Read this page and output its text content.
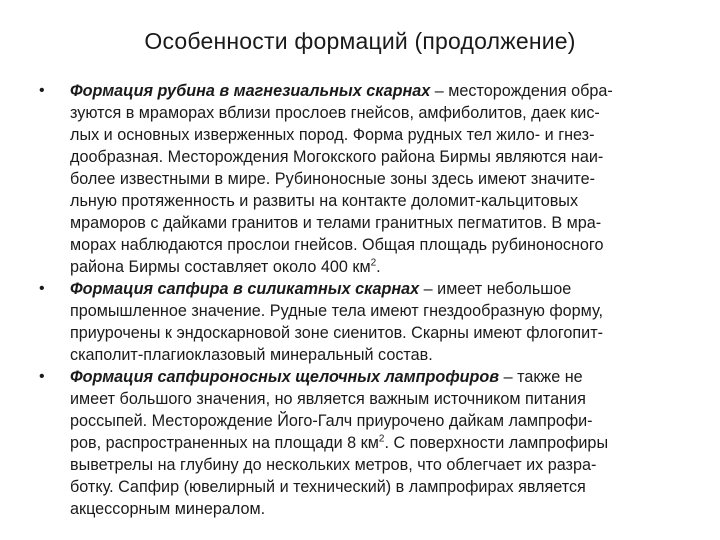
Особенности формаций (продолжение)
• Формация рубина в магнезиальных скарнах – месторождения обра-
зуются в мраморах вблизи прослоев гнейсов, амфиболитов, даек кис-
лых и основных изверженных пород. Форма рудных тел жило- и гнез-
дообразная. Месторождения Могокского района Бирмы являются наи-
более известными в мире. Рубиноносные зоны здесь имеют значите-
льную протяженность и развиты на контакте доломит-кальцитовых
мраморов с дайками гранитов и телами гранитных пегматитов. В мра-
морах наблюдаются прослои гнейсов. Общая площадь рубиноносного
района Бирмы составляет около 400 $км^2$.
• Формация сапфира в силикатных скарнах – имеет небольшое
промышленное значение. Рудные тела имеют гнездообразную форму,
приурочены к эндоскарновой зоне сиенитов. Скарны имеют флогопит-
скаполит-плагиоклазовый минеральный состав.
• Формация сапфироносных щелочных лампрофиров – также не
имеет большого значения, но является важным источником питания
россыпей. Месторождение Його-Галч приурочено дайкам лампрофи-
ров, распространенных на площади 8 $км^2$. С поверхности лампрофиры
выветрелы на глубину до нескольких метров, что облегчает их разра-
ботку. Сапфир (ювелирный и технический) в лампрофирах является
акцессорным минералом.
